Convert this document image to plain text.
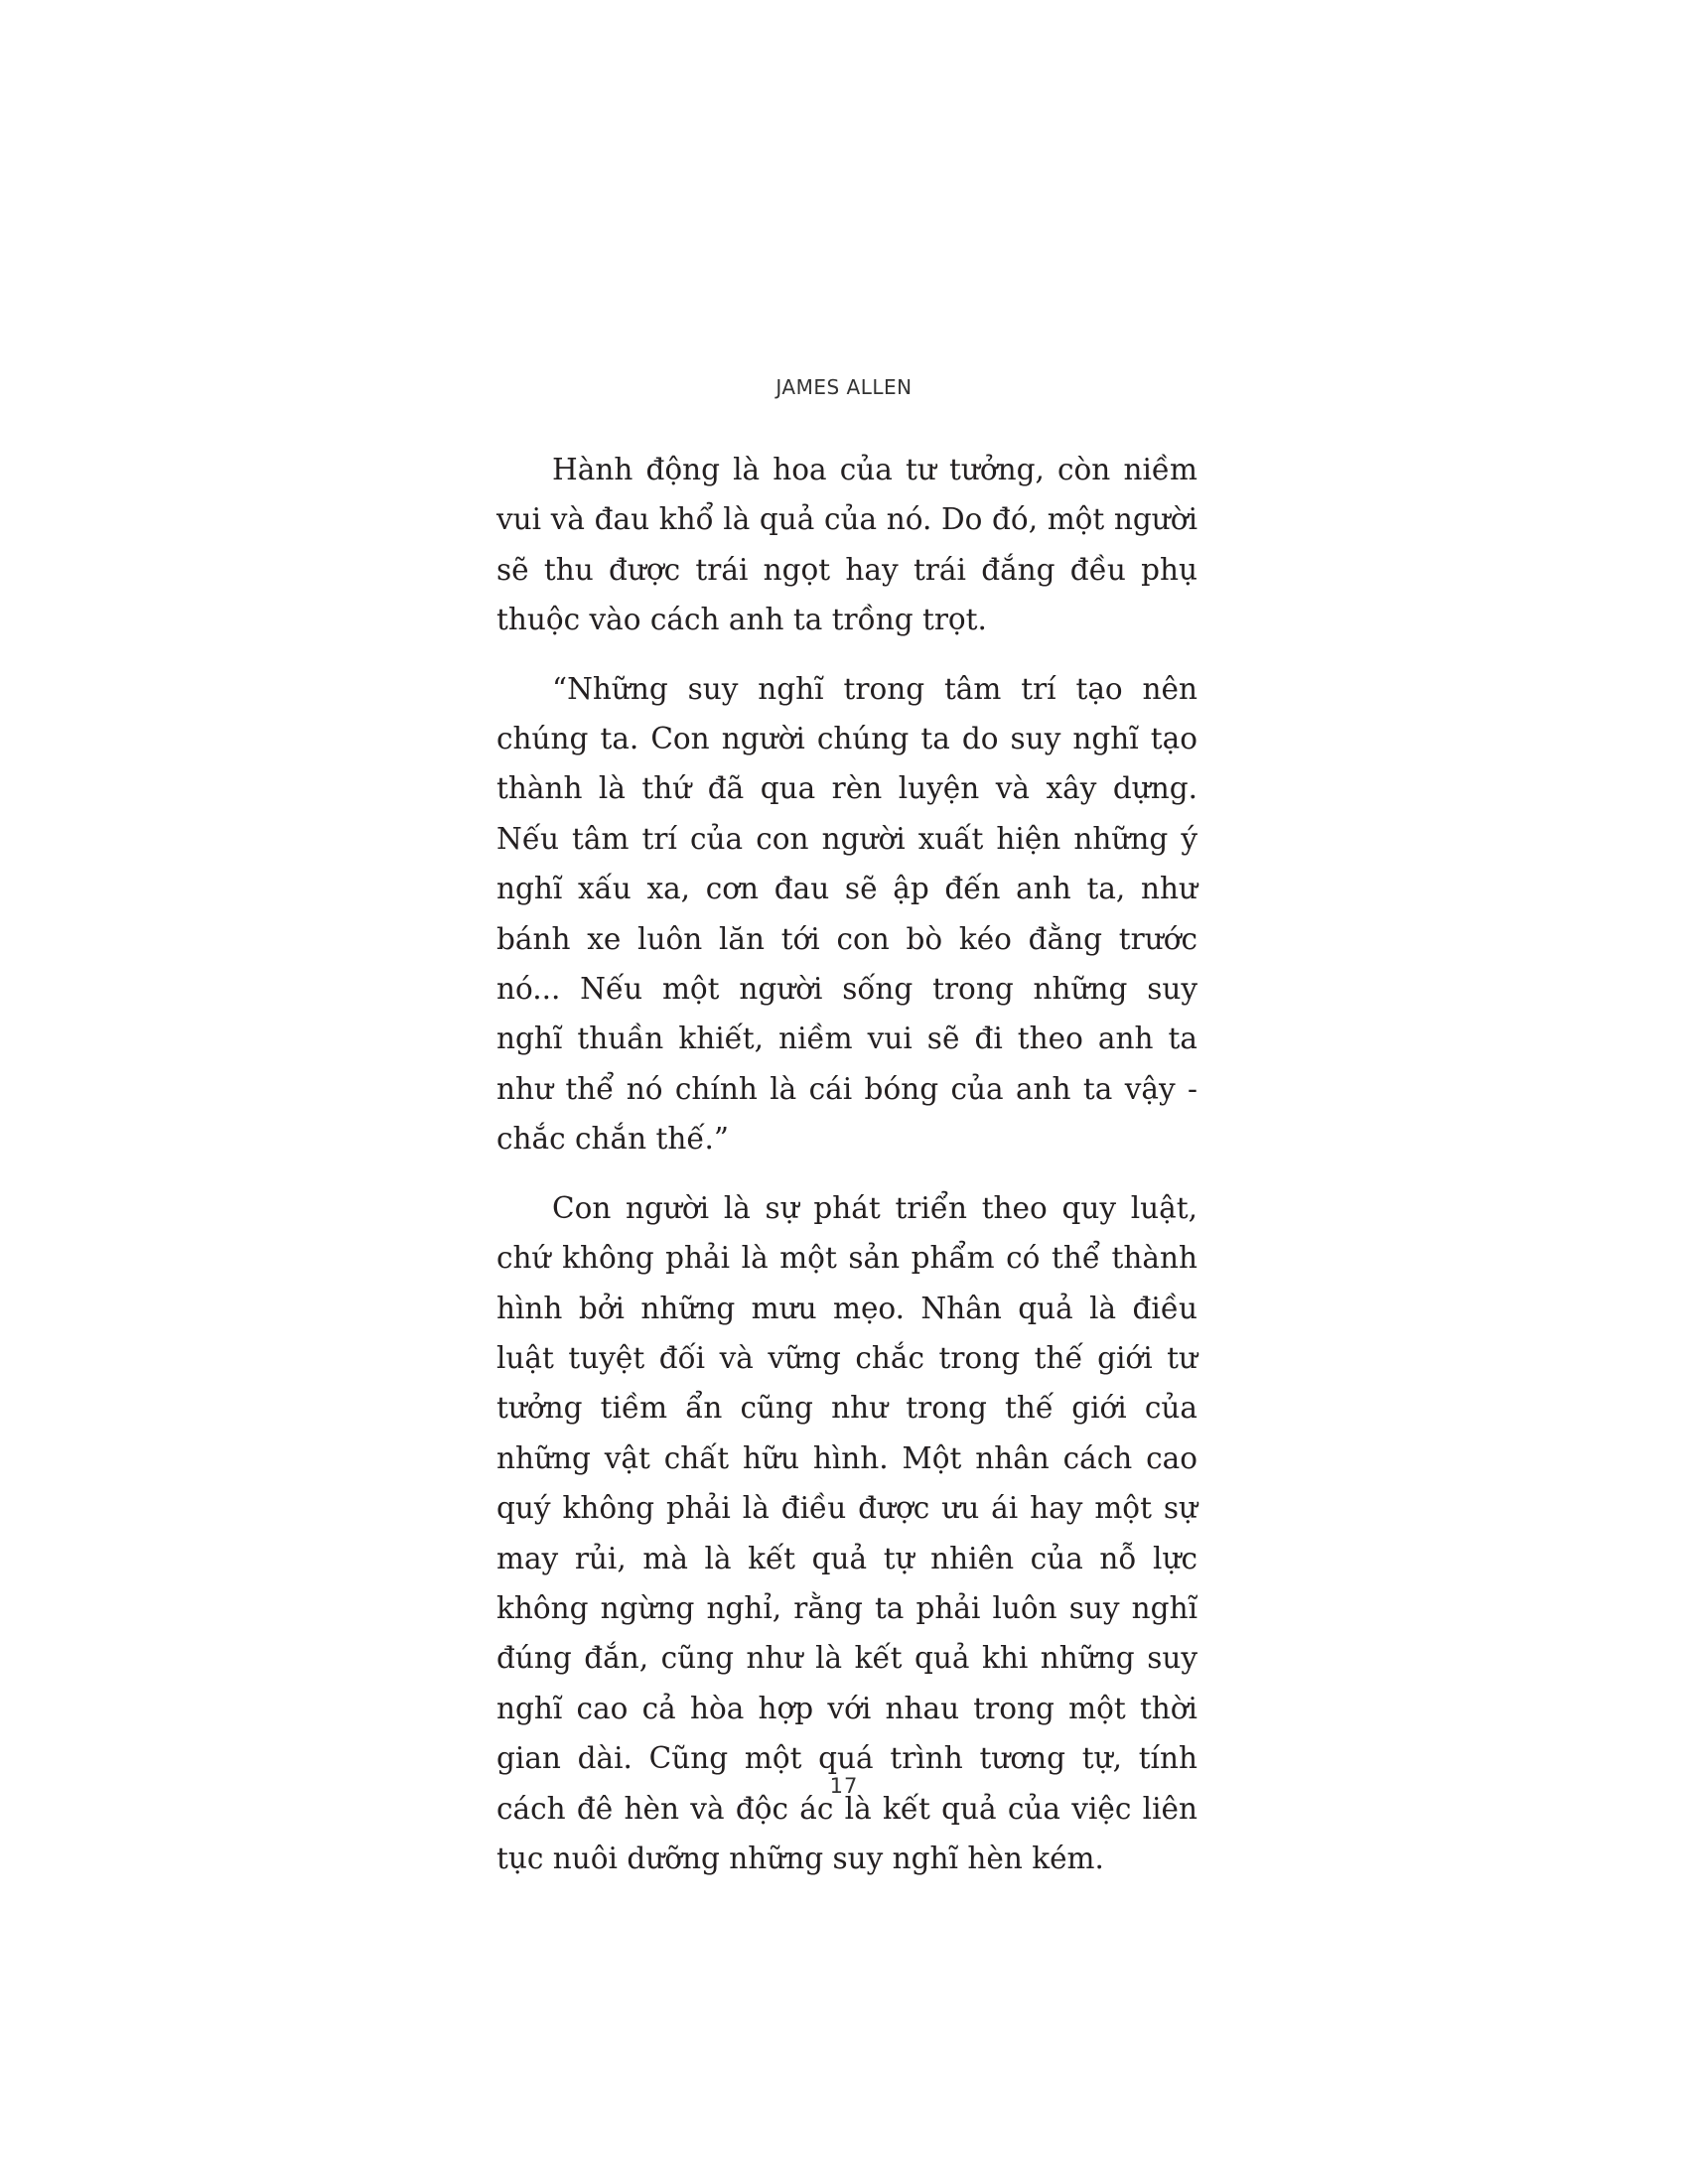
JAMES ALLEN

Hành động là hoa của tư tưởng, còn niềm vui và đau khổ là quả của nó. Do đó, một người sẽ thu được trái ngọt hay trái đắng đều phụ thuộc vào cách anh ta trồng trọt.

“Những suy nghĩ trong tâm trí tạo nên chúng ta. Con người chúng ta do suy nghĩ tạo thành là thứ đã qua rèn luyện và xây dựng. Nếu tâm trí của con người xuất hiện những ý nghĩ xấu xa, cơn đau sẽ ập đến anh ta, như bánh xe luôn lăn tới con bò kéo đằng trước nó... Nếu một người sống trong những suy nghĩ thuần khiết, niềm vui sẽ đi theo anh ta như thể nó chính là cái bóng của anh ta vậy - chắc chắn thế.”

Con người là sự phát triển theo quy luật, chứ không phải là một sản phẩm có thể thành hình bởi những mưu mẹo. Nhân quả là điều luật tuyệt đối và vững chắc trong thế giới tư tưởng tiềm ẩn cũng như trong thế giới của những vật chất hữu hình. Một nhân cách cao quý không phải là điều được ưu ái hay một sự may rủi, mà là kết quả tự nhiên của nỗ lực không ngừng nghỉ, rằng ta phải luôn suy nghĩ đúng đắn, cũng như là kết quả khi những suy nghĩ cao cả hòa hợp với nhau trong một thời gian dài. Cũng một quá trình tương tự, tính cách đê hèn và độc ác là kết quả của việc liên tục nuôi dưỡng những suy nghĩ hèn kém.

17
